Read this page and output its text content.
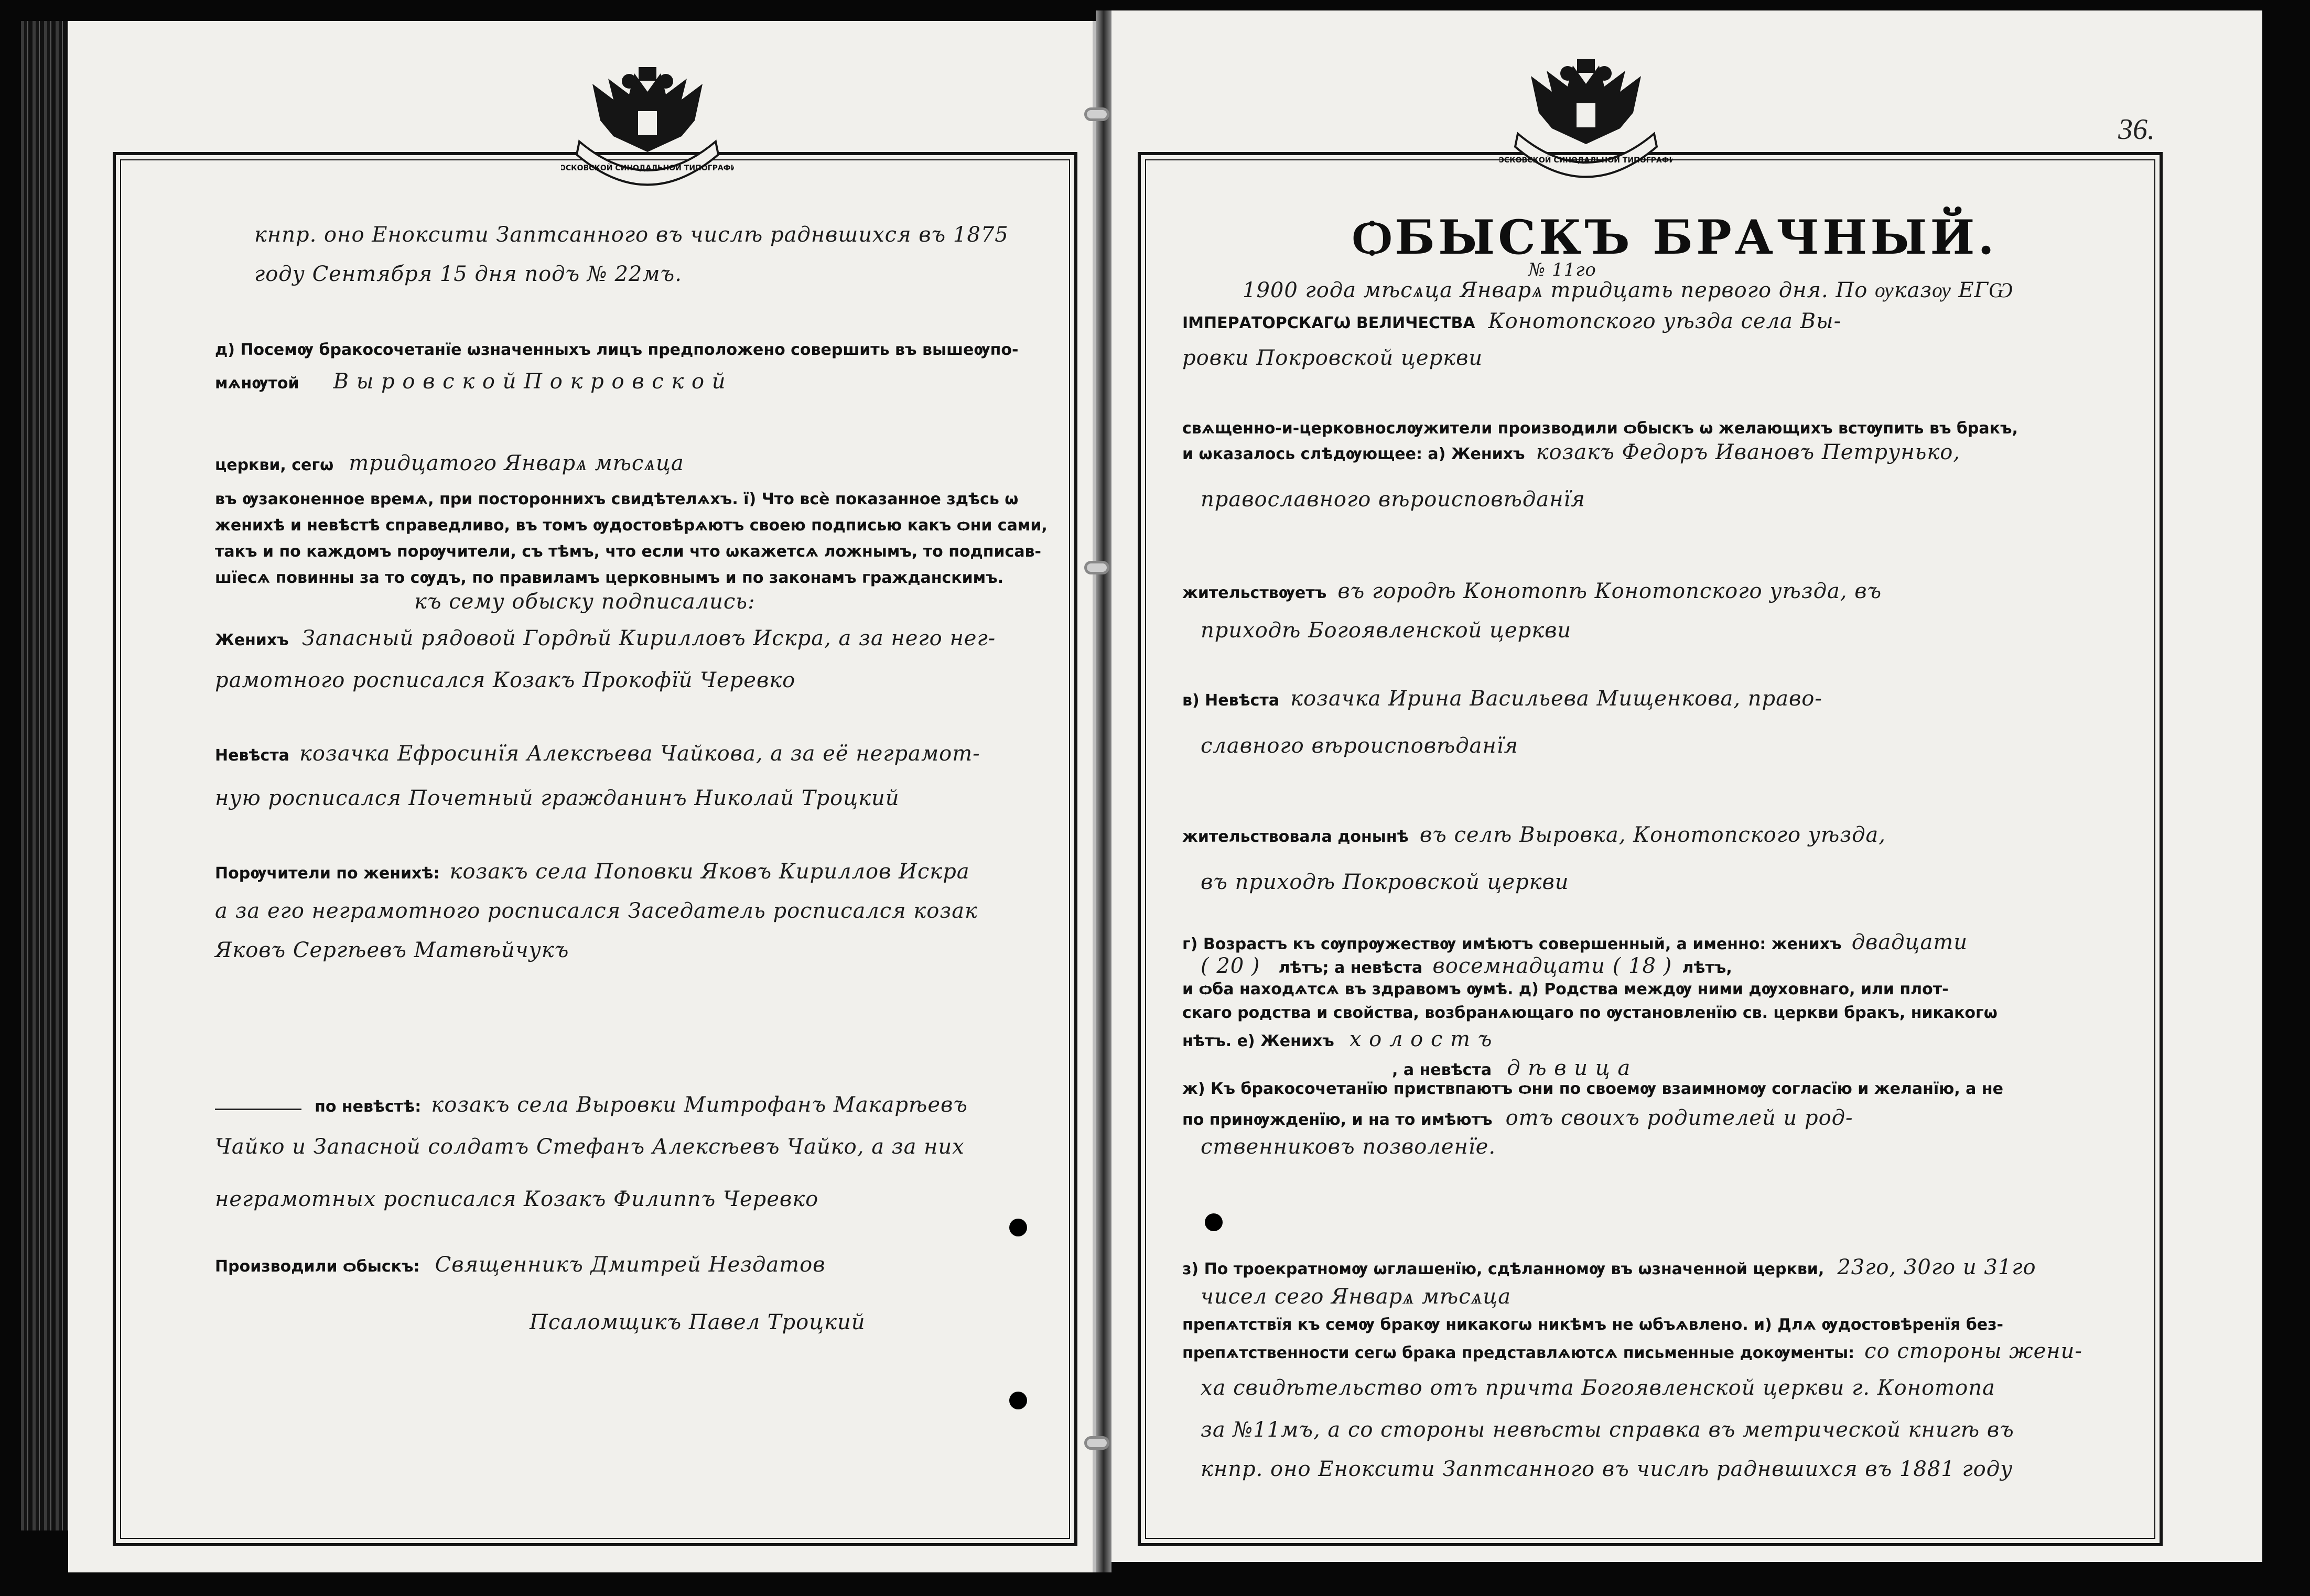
МОСКОВСКОЙ СИНОДАЛЬНОЙ ТИПОГРАФИИ
кнпр. оно Еноксити Заптсанного въ числѣ раднвшихся въ 1875
году Сентября 15 дня подъ № 22мъ.
д) Посемѹ бракосочетанїе ѡзначенныхъ лицъ предположено совершить въ вышеѹпо-
мѧнѹтой В ы р о в с к о й П о к р о в с к о й
церкви, сегѡ тридцатого Январѧ мѣсѧца
въ ѹзаконенное времѧ, при постороннихъ свидѣтелѧхъ. ї) Что всѐ показанное здѣсь ѡ
женихѣ и невѣстѣ справедливо, въ томъ ѹдостовѣрѧютъ своею подписью какъ ѻни сами,
такъ и по каждомъ порѹчители, съ тѣмъ, что если что ѡкажетсѧ ложнымъ, то подписав-
шїесѧ повинны за то сѹдъ, по правиламъ церковнымъ и по законамъ гражданскимъ.
къ сему обыску подписались:
Женихъ Запасный рядовой Гордѣй Кирилловъ Искра, а за него нег-
рамотного росписался Козакъ Прокофїй Черевко
Невѣста козачка Ефросинїя Алексѣева Чайкова, а за её неграмот-
ную росписался Почетный гражданинъ Николай Троцкий
Порѹчители по женихѣ: козакъ села Поповки Яковъ Кириллов Искра
а за его неграмотного росписался Заседатель росписался козак
Яковъ Сергѣевъ Матвѣйчукъ
по невѣстѣ: козакъ села Выровки Митрофанъ Макарѣевъ
Чайко и Запасной солдатъ Стефанъ Алексѣевъ Чайко, а за них
неграмотных росписался Козакъ Филиппъ Черевко
Производили ѻбыскъ: Священникъ Дмитрей Нездатов
Псаломщикъ Павел Троцкий
МОСКОВСКОЙ СИНОДАЛЬНОЙ ТИПОГРАФИИ
36.
ѺБЫСКЪ БРАЧНЫЙ.
№ 11го
1900 года мѣсѧца Январѧ тридцать первого дня. По ѹказѹ ЕГѠ
ІМПЕРАТОРСКАГѠ ВЕЛИЧЕСТВА Конотопского уѣзда села Вы-
ровки Покровской церкви
свѧщенно-и-церковнослѹжители производили ѻбыскъ ѡ желающихъ встѹпить въ бракъ,
и ѡказалось слѣдѹющее: а) Женихъ козакъ Федоръ Ивановъ Петрунько,
православного вѣроисповѣданїя
жительствѹетъ въ городѣ Конотопѣ Конотопского уѣзда, въ
приходѣ Богоявленской церкви
в) Невѣста козачка Ирина Васильева Мищенкова, право-
славного вѣроисповѣданїя
жительствовала донынѣ въ селѣ Выровка, Конотопского уѣзда,
въ приходѣ Покровской церкви
г) Возрастъ къ сѹпрѹжествѹ имѣютъ совершенный, а именно: женихъ двадцати
( 20 ) лѣтъ; а невѣста восемнадцати ( 18 ) лѣтъ,
и ѻба находѧтсѧ въ здравомъ ѹмѣ. д) Родства междѹ ними дѹховнаго, или плот-
скаго родства и свойства, возбранѧющаго по ѹстановленїю св. церкви бракъ, никакогѡ
нѣтъ. е) Женихъ х о л о с т ъ
, а невѣста д ѣ в и ц а
ж) Къ бракосочетанїю приствпаютъ ѻни по своемѹ взаимномѹ согласїю и желанїю, а не
по принѹжденїю, и на то имѣютъ отъ своихъ родителей и род-
ственниковъ позволенїе.
з) По троекратномѹ ѡглашенїю, сдѣланномѹ въ ѡзначенной церкви, 23го, 30го и 31го
чисел сего Январѧ мѣсѧца
препѧтствїя къ семѹ бракѹ никакогѡ никѣмъ не ѡбъѧвлено. и) Длѧ ѹдостовѣренїя без-
препѧтственности сегѡ брака представлѧютсѧ письменные докѹменты: со стороны жени-
ха свидѣтельство отъ причта Богоявленской церкви г. Конотопа
за №11мъ, а со стороны невѣсты справка въ метрической книгѣ въ
кнпр. оно Еноксити Заптсанного въ числѣ раднвшихся въ 1881 году
